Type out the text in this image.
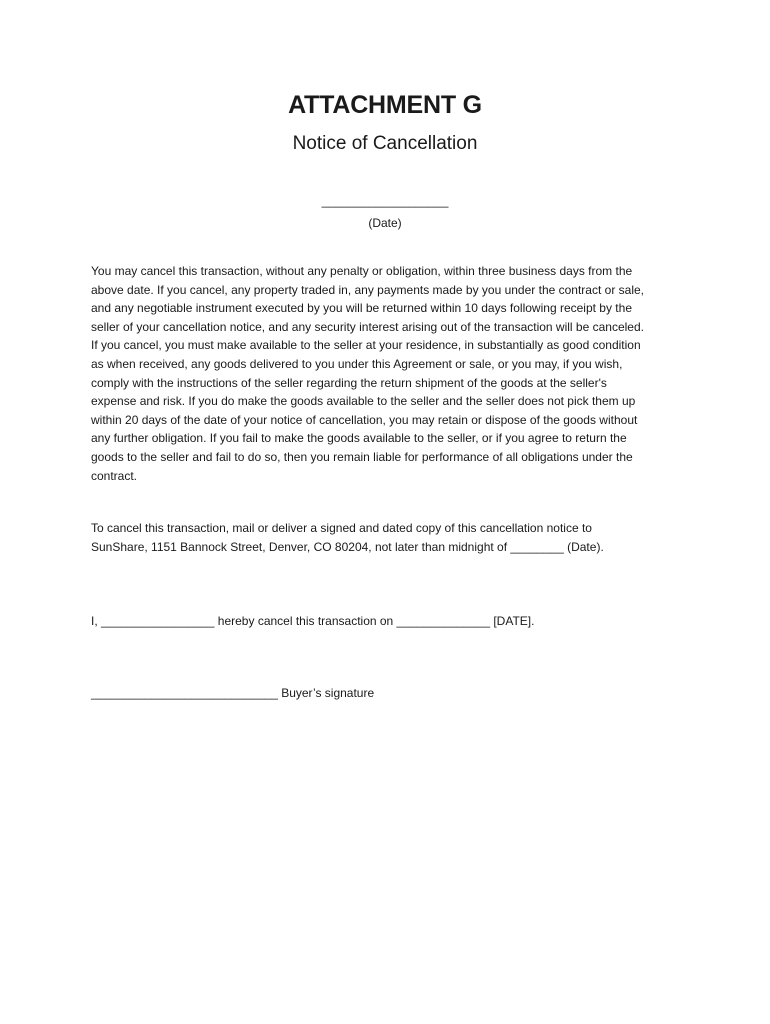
ATTACHMENT G
Notice of Cancellation

___________________

(Date)

You may cancel this transaction, without any penalty or obligation, within three business days from the
above date. If you cancel, any property traded in, any payments made by you under the contract or sale,
and any negotiable instrument executed by you will be returned within 10 days following receipt by the
seller of your cancellation notice, and any security interest arising out of the transaction will be canceled.
If you cancel, you must make available to the seller at your residence, in substantially as good condition
as when received, any goods delivered to you under this Agreement or sale, or you may, if you wish,
comply with the instructions of the seller regarding the return shipment of the goods at the seller's
expense and risk. If you do make the goods available to the seller and the seller does not pick them up
within 20 days of the date of your notice of cancellation, you may retain or dispose of the goods without
any further obligation. If you fail to make the goods available to the seller, or if you agree to return the
goods to the seller and fail to do so, then you remain liable for performance of all obligations under the
contract.

To cancel this transaction, mail or deliver a signed and dated copy of this cancellation notice to
SunShare, 1151 Bannock Street, Denver, CO 80204, not later than midnight of ________ (Date).

I, _________________ hereby cancel this transaction on ______________ [DATE].

____________________________ Buyer’s signature
